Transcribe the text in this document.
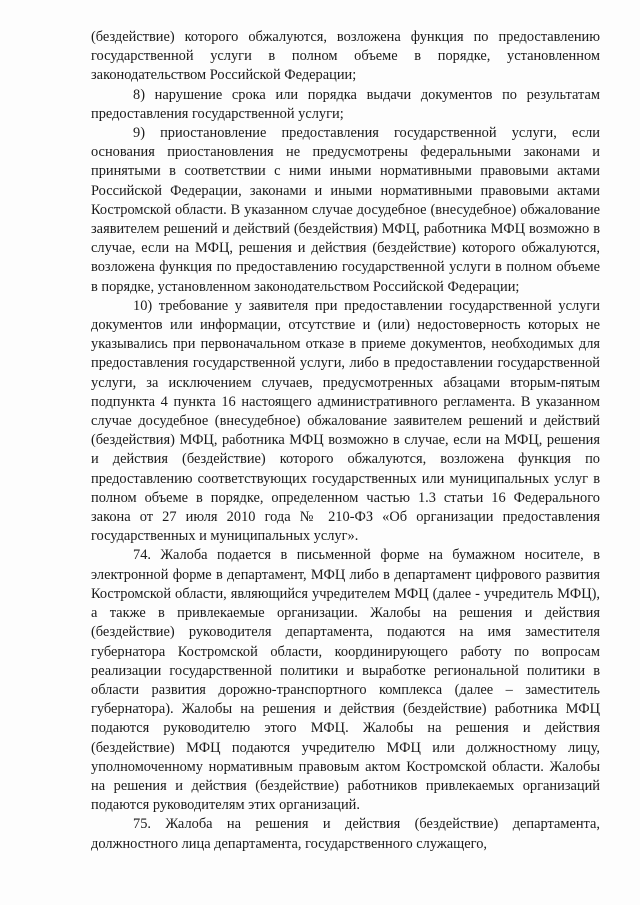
(бездействие) которого обжалуются, возложена функция по предоставлению государственной услуги в полном объеме в порядке, установленном законодательством Российской Федерации;

8) нарушение срока или порядка выдачи документов по результатам предоставления государственной услуги;

9) приостановление предоставления государственной услуги, если основания приостановления не предусмотрены федеральными законами и принятыми в соответствии с ними иными нормативными правовыми актами Российской Федерации, законами и иными нормативными правовыми актами Костромской области. В указанном случае досудебное (внесудебное) обжалование заявителем решений и действий (бездействия) МФЦ, работника МФЦ возможно в случае, если на МФЦ, решения и действия (бездействие) которого обжалуются, возложена функция по предоставлению государственной услуги в полном объеме в порядке, установленном законодательством Российской Федерации;

10) требование у заявителя при предоставлении государственной услуги документов или информации, отсутствие и (или) недостоверность которых не указывались при первоначальном отказе в приеме документов, необходимых для предоставления государственной услуги, либо в предоставлении государственной услуги, за исключением случаев, предусмотренных абзацами вторым-пятым подпункта 4 пункта 16 настоящего административного регламента. В указанном случае досудебное (внесудебное) обжалование заявителем решений и действий (бездействия) МФЦ, работника МФЦ возможно в случае, если на МФЦ, решения и действия (бездействие) которого обжалуются, возложена функция по предоставлению соответствующих государственных или муниципальных услуг в полном объеме в порядке, определенном частью 1.3 статьи 16 Федерального закона от 27 июля 2010 года № 210-ФЗ «Об организации предоставления государственных и муниципальных услуг».

74. Жалоба подается в письменной форме на бумажном носителе, в электронной форме в департамент, МФЦ либо в департамент цифрового развития Костромской области, являющийся учредителем МФЦ (далее - учредитель МФЦ), а также в привлекаемые организации. Жалобы на решения и действия (бездействие) руководителя департамента, подаются на имя заместителя губернатора Костромской области, координирующего работу по вопросам реализации государственной политики и выработке региональной политики в области развития дорожно-транспортного комплекса (далее – заместитель губернатора). Жалобы на решения и действия (бездействие) работника МФЦ подаются руководителю этого МФЦ. Жалобы на решения и действия (бездействие) МФЦ подаются учредителю МФЦ или должностному лицу, уполномоченному нормативным правовым актом Костромской области. Жалобы на решения и действия (бездействие) работников привлекаемых организаций подаются руководителям этих организаций.

75. Жалоба на решения и действия (бездействие) департамента, должностного лица департамента, государственного служащего,
